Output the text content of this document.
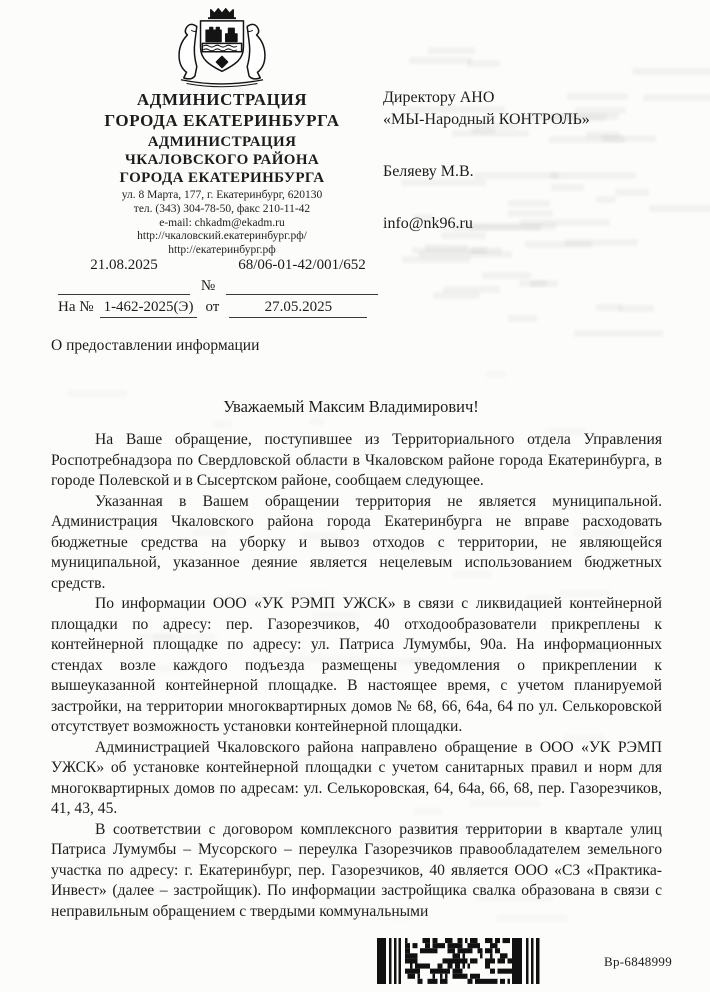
АДМИНИСТРАЦИЯ
ГОРОДА ЕКАТЕРИНБУРГА
АДМИНИСТРАЦИЯ
ЧКАЛОВСКОГО РАЙОНА
ГОРОДА ЕКАТЕРИНБУРГА
ул. 8 Марта, 177, г. Екатеринбург, 620130
тел. (343) 304-78-50, факс 210-11-42
e-mail: chkadm@ekadm.ru
http://чкаловский.екатеринбург.рф/
http://екатеринбург.рф
21.08.2025	68/06-01-42/001/652
№
На № 1-462-2025(Э) от	27.05.2025
Директору АНО
«МЫ-Народный КОНТРОЛЬ»
Беляеву М.В.
info@nk96.ru
О предоставлении информации
Уважаемый Максим Владимирович!

На Ваше обращение, поступившее из Территориального отдела Управления Роспотребнадзора по Свердловской области в Чкаловском районе города Екатеринбурга, в городе Полевской и в Сысертском районе, сообщаем следующее.

Указанная в Вашем обращении территория не является муниципальной. Администрация Чкаловского района города Екатеринбурга не вправе расходовать бюджетные средства на уборку и вывоз отходов с территории, не являющейся муниципальной, указанное деяние является нецелевым использованием бюджетных средств.

По информации ООО «УК РЭМП УЖСК» в связи с ликвидацией контейнерной площадки по адресу: пер. Газорезчиков, 40 отходообразователи прикреплены к контейнерной площадке по адресу: ул. Патриса Лумумбы, 90а. На информационных стендах возле каждого подъезда размещены уведомления о прикреплении к вышеуказанной контейнерной площадке. В настоящее время, с учетом планируемой застройки, на территории многоквартирных домов № 68, 66, 64а, 64 по ул. Селькоровской отсутствует возможность установки контейнерной площадки.

Администрацией Чкаловского района направлено обращение в ООО «УК РЭМП УЖСК» об установке контейнерной площадки с учетом санитарных правил и норм для многоквартирных домов по адресам: ул. Селькоровская, 64, 64а, 66, 68, пер. Газорезчиков, 41, 43, 45.

В соответствии с договором комплексного развития территории в квартале улиц Патриса Лумумбы – Мусорского – переулка Газорезчиков правообладателем земельного участка по адресу: г. Екатеринбург, пер. Газорезчиков, 40 является ООО «СЗ «Практика-Инвест» (далее – застройщик). По информации застройщика свалка образована в связи с неправильным обращением с твердыми коммунальными

Вр-6848999
